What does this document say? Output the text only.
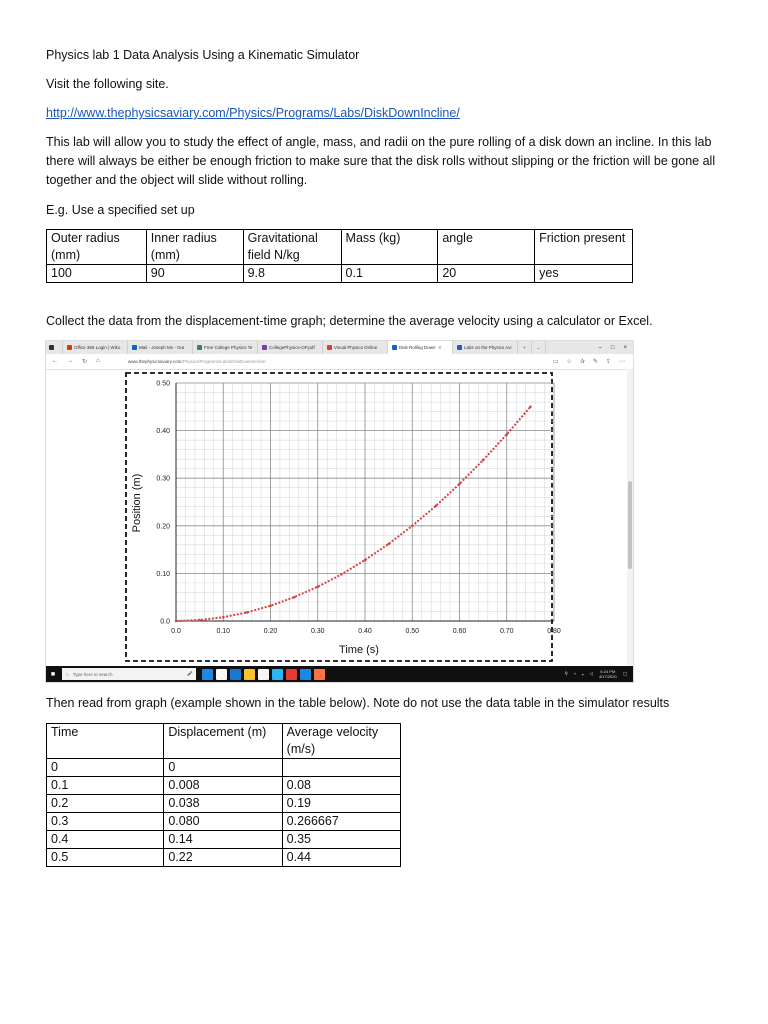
Physics lab 1 Data Analysis Using a Kinematic Simulator

Visit the following site.

http://www.thephysicsaviary.com/Physics/Programs/Labs/DiskDownIncline/

This lab will allow you to study the effect of angle, mass, and radii on the pure rolling of a disk down an incline. In this lab there will always be either be enough friction to make sure that the disk rolls without slipping or the friction will be gone all together and the object will slide without rolling.

E.g. Use a specified set up

Outer radius (mm)	Inner radius (mm)	Gravitational field N/kg	Mass (kg)	angle	Friction present
100	90	9.8	0.1	20	yes

Collect the data from the displacement-time graph; determine the average velocity using a calculator or Excel.

Office 365 Login | Wiko	Mail - Joseph Ms - Out	Free College Physics Te	CollegePhysics-OP.pdf	Visual Physics Online	Disk Rolling Down ×	Labs on the Physics Avi	+	⌄	– □ ×
← → ↻ ⌂	www.thephysicsaviary.com/Physics/Programs/Labs/DiskDownIncline/	▭ ☆ ✰ ✎ ⇪ ⋯
0.0	0.10	0.20	0.30	0.40	0.50	0.60	0.70	0.80
0.0
0.10
0.20
0.30
0.40
0.50
Time (s)
Position (m)
■	○ Type here to search	🎤	⚲ ^ ▪ ◁	6:24 PM
4/17/2020
▢

Then read from graph (example shown in the table below). Note do not use the data table in the simulator results

Time	Displacement (m)	Average velocity (m/s)
0	0	
0.1	0.008	0.08
0.2	0.038	0.19
0.3	0.080	0.266667
0.4	0.14	0.35
0.5	0.22	0.44
